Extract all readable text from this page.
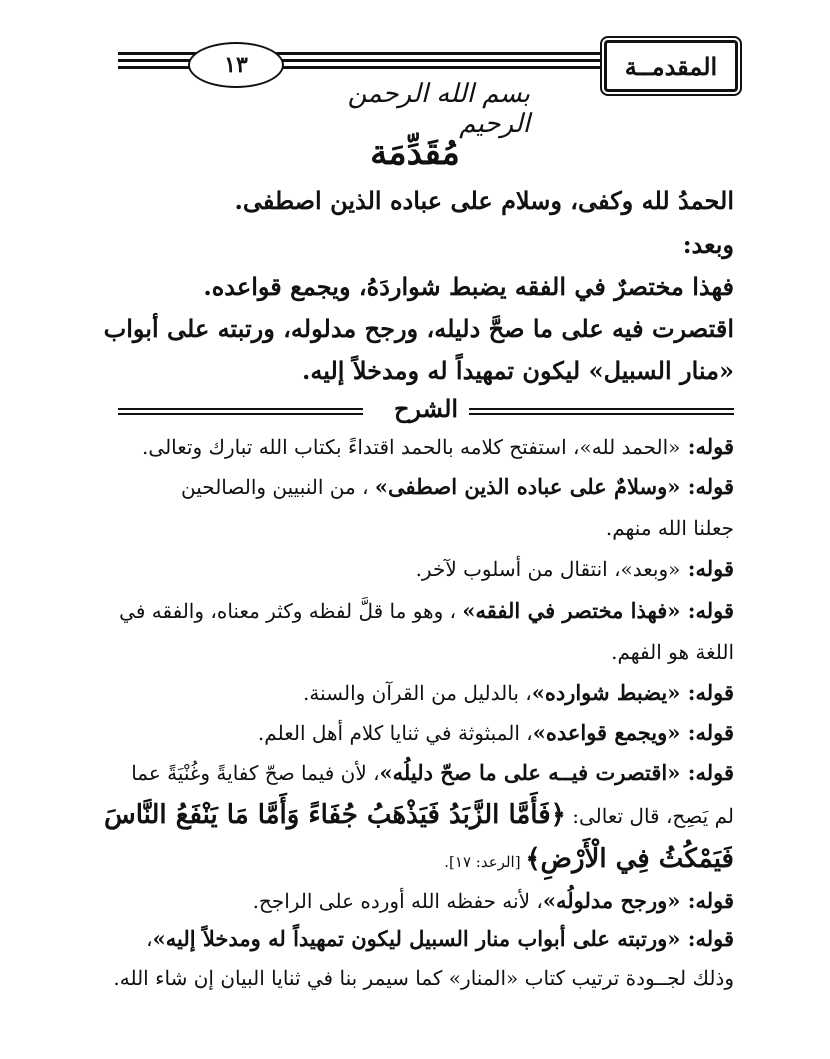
المقدمــة
١٣
بسم الله الرحمن الرحيم
مُقَدِّمَة
الحمدُ لله وكفى، وسلام على عباده الذين اصطفى.
وبعد:
فهذا مختصرٌ في الفقه يضبط شواردَهُ، ويجمع قواعده.
اقتصرت فيه على ما صحَّ دليله، ورجح مدلوله، ورتبته على أبواب
«منار السبيل» ليكون تمهيداً له ومدخلاً إليه.
الشرح
قوله: «الحمد لله»، استفتح كلامه بالحمد اقتداءً بكتاب الله تبارك وتعالى.
قوله: «وسلامٌ على عباده الذين اصطفى» ، من النبيين والصالحين
جعلنا الله منهم.
قوله: «وبعد»، انتقال من أسلوب لآخر.
قوله: «فهذا مختصر في الفقه» ، وهو ما قلَّ لفظه وكثر معناه، والفقه في
اللغة هو الفهم.
قوله: «يضبط شوارده»، بالدليل من القرآن والسنة.
قوله: «ويجمع قواعده»، المبثوثة في ثنايا كلام أهل العلم.
قوله: «اقتصرت فيــه على ما صحّ دليلُه»، لأن فيما صحّ كفايةً وغُنْيَةً عما
لم يَصِح، قال تعالى: ﴿فَأَمَّا الزَّبَدُ فَيَذْهَبُ جُفَاءً وَأَمَّا مَا يَنْفَعُ النَّاسَ
فَيَمْكُثُ فِي الْأَرْضِ﴾ [الرعد: ١٧].
قوله: «ورجح مدلولُه»، لأنه حفظه الله أورده على الراجح.
قوله: «ورتبته على أبواب منار السبيل ليكون تمهيداً له ومدخلاً إليه»،
وذلك لجــودة ترتيب كتاب «المنار» كما سيمر بنا في ثنايا البيان إن شاء الله.
